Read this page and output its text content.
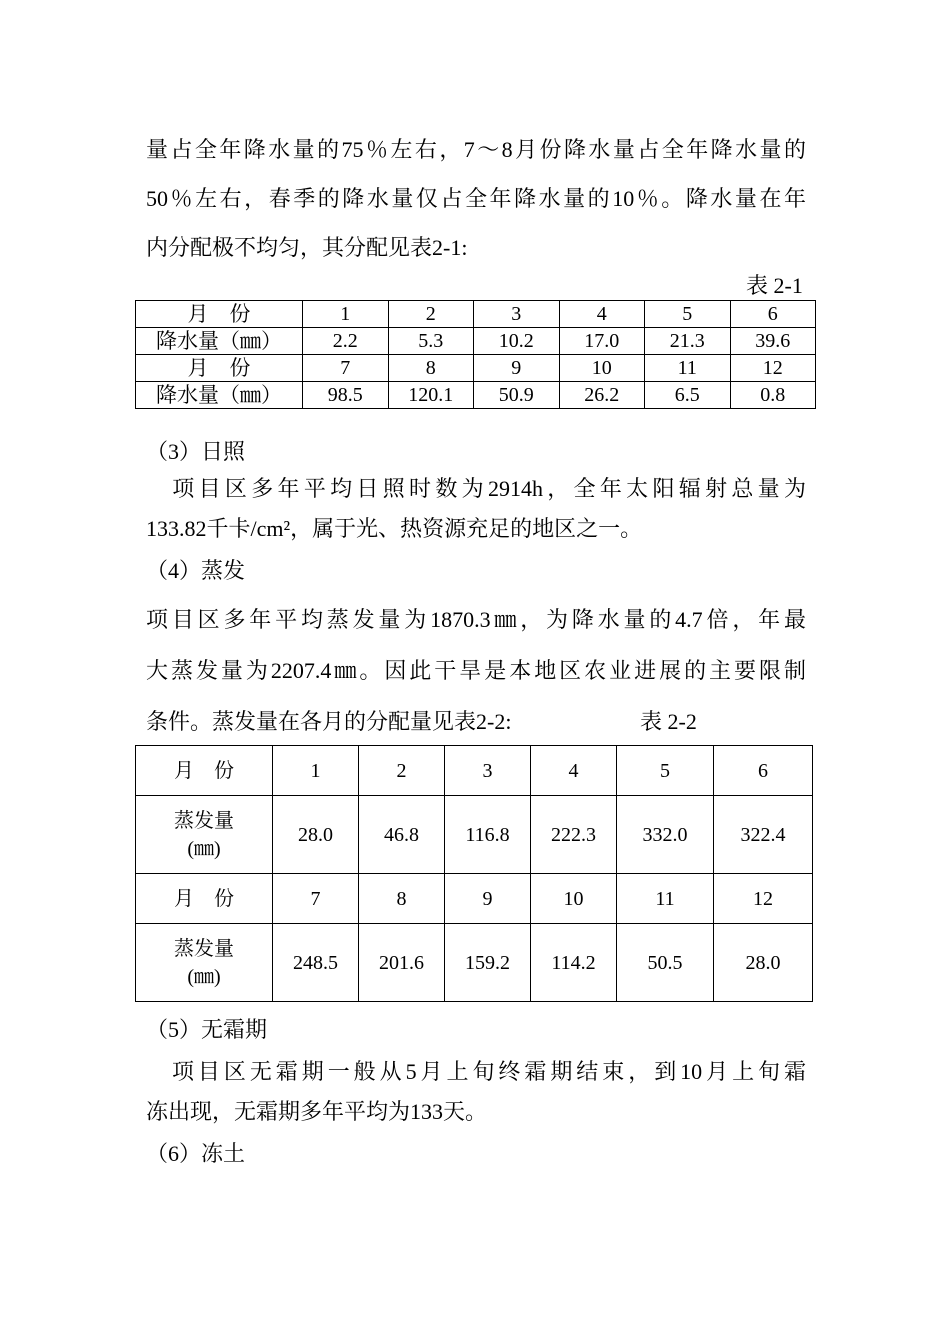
量占全年降水量的75％左右，7～8月份降水量占全年降水量的
50％左右，春季的降水量仅占全年降水量的10％。降水量在年
内分配极不均匀，其分配见表2-1:
表 2-1
月　份	1	2	3	4	5	6
降水量（㎜）	2.2	5.3	10.2	17.0	21.3	39.6
月　份	7	8	9	10	11	12
降水量（㎜）	98.5	120.1	50.9	26.2	6.5	0.8
（3）日照
　项目区多年平均日照时数为2914h，全年太阳辐射总量为
133.82千卡/cm²，属于光、热资源充足的地区之一。
（4）蒸发
项目区多年平均蒸发量为1870.3㎜，为降水量的4.7倍，年最
大蒸发量为2207.4㎜。因此干旱是本地区农业进展的主要限制
条件。蒸发量在各月的分配量见表2-2:	表 2-2
月　份	1	2	3	4	5	6
蒸发量
(㎜)	28.0	46.8	116.8	222.3	332.0	322.4
月　份	7	8	9	10	11	12
蒸发量
(㎜)	248.5	201.6	159.2	114.2	50.5	28.0
（5）无霜期
　项目区无霜期一般从5月上旬终霜期结束，到10月上旬霜
冻出现，无霜期多年平均为133天。
（6）冻土
